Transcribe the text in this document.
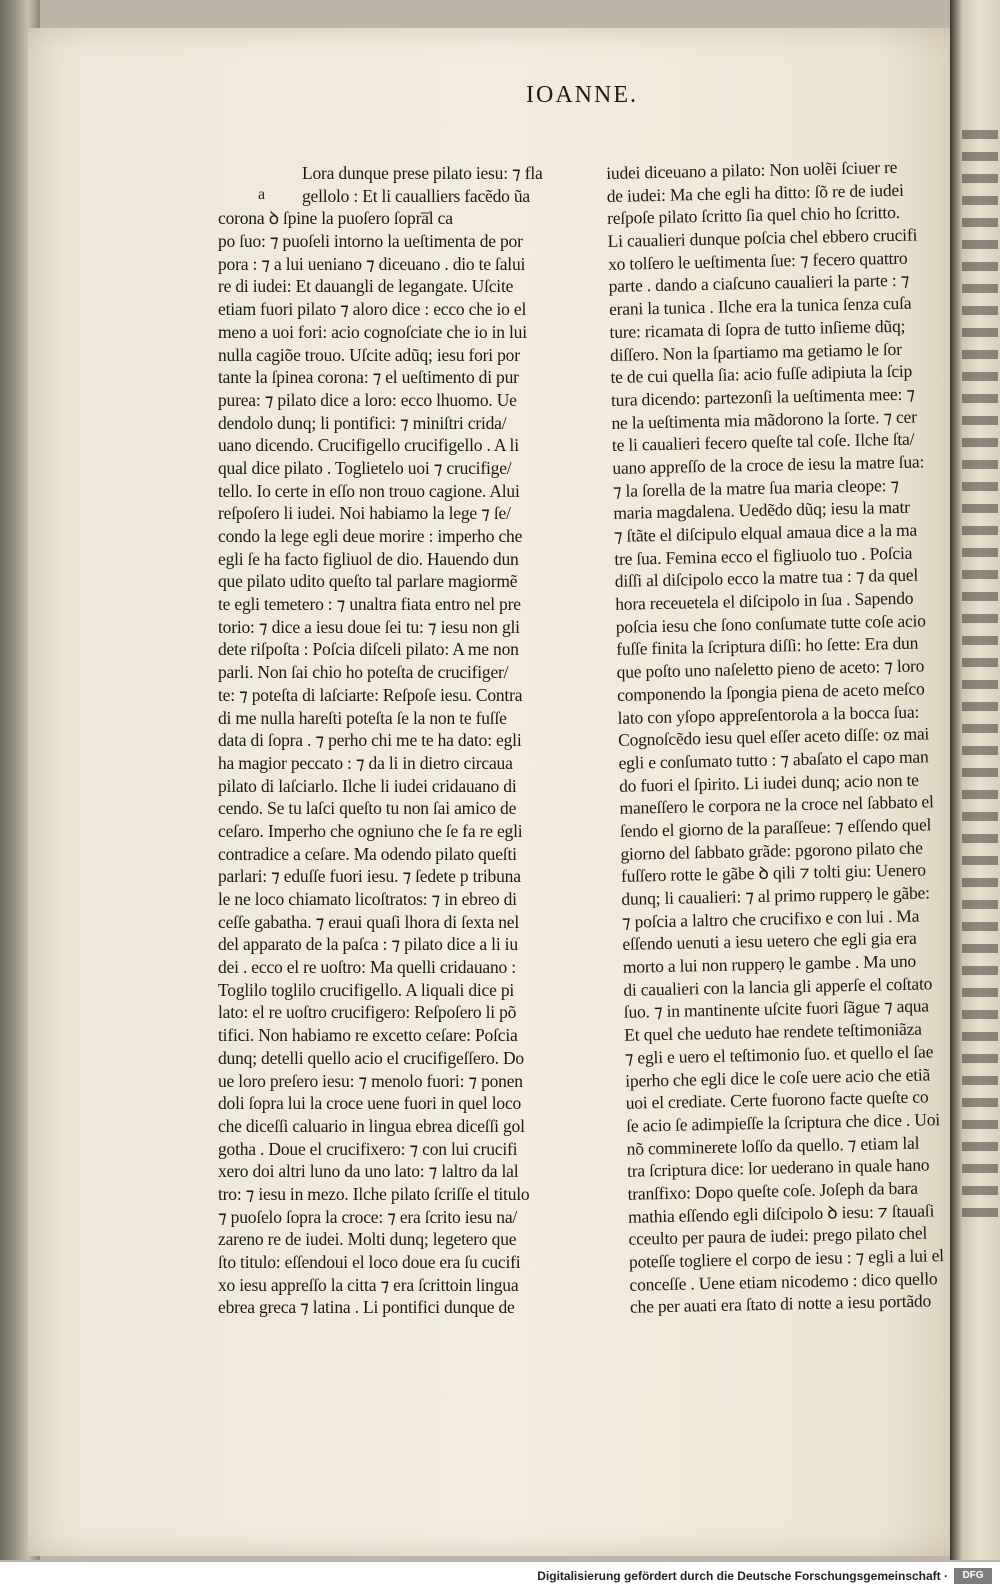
IOANNE.
a
Lora dunque prese pilato iesu: ⁊ fla
gellolo : Et li caualliers facẽdo ũa
corona ꝺ ſpine la puoſero ſopra̅l ca
po ſuo: ⁊ puoſeli intorno la ueſtimenta de por
pora : ⁊ a lui ueniano ⁊ diceuano . dio te ſalui
re di iudei: Et dauangli de legangate. Uſcite
etiam fuori pilato ⁊ aloro dice : ecco che io el
meno a uoi fori: acio cognoſciate che io in lui
nulla cagiõe trouo. Uſcite adũq; iesu fori por
tante la ſpinea corona: ⁊ el ueſtimento di pur
purea: ⁊ pilato dice a loro: ecco lhuomo. Ue
dendolo dunq; li pontifici: ⁊ miniſtri crida/
uano dicendo. Crucifigello crucifigello . A li
qual dice pilato . Toglietelo uoi ⁊ crucifige/
tello. Io certe in eſſo non trouo cagione. Alui
reſpoſero li iudei. Noi habiamo la lege ⁊ ſe/
condo la lege egli deue morire : imperho che
egli ſe ha facto figliuol de dio. Hauendo dun
que pilato udito queſto tal parlare magiormẽ
te egli temetero : ⁊ unaltra fiata entro nel pre
torio: ⁊ dice a iesu doue ſei tu: ⁊ iesu non gli
dete riſpoſta : Poſcia diſceli pilato: A me non
parli. Non ſai chio ho poteſta de crucifiger/
te: ⁊ poteſta di laſciarte: Reſpoſe iesu. Contra
di me nulla hareſti poteſta ſe la non te fuſſe
data di ſopra . ⁊ perho chi me te ha dato: egli
ha magior peccato : ⁊ da li in dietro circaua
pilato di laſciarlo. Ilche li iudei cridauano di
cendo. Se tu laſci queſto tu non ſai amico de
ceſaro. Imperho che ogniuno che ſe fa re egli
contradice a ceſare. Ma odendo pilato queſti
parlari: ⁊ eduſſe fuori iesu. ⁊ ſedete p tribuna
le ne loco chiamato licoſtratos: ⁊ in ebreo di
ceſſe gabatha. ⁊ eraui quaſi lhora di ſexta nel
del apparato de la paſca : ⁊ pilato dice a li iu
dei . ecco el re uoſtro: Ma quelli cridauano :
Toglilo toglilo crucifigello. A liquali dice pi
lato: el re uoſtro crucifigero: Reſpoſero li põ
tifici. Non habiamo re excetto ceſare: Poſcia
dunq; detelli quello acio el crucifigeſſero. Do
ue loro preſero iesu: ⁊ menolo fuori: ⁊ ponen
doli ſopra lui la croce uene fuori in quel loco
che diceſſi caluario in lingua ebrea diceſſi gol
gotha . Doue el crucifixero: ⁊ con lui crucifi
xero doi altri luno da uno lato: ⁊ laltro da lal
tro: ⁊ iesu in mezo. Ilche pilato ſcriſſe el titulo
⁊ puoſelo ſopra la croce: ⁊ era ſcrito iesu na/
zareno re de iudei. Molti dunq; legetero que
ſto titulo: eſſendoui el loco doue era ſu cucifi
xo iesu appreſſo la citta ⁊ era ſcrittoin lingua
ebrea greca ⁊ latina . Li pontifici dunque de
iudei diceuano a pilato: Non uolẽi ſciuer re
de iudei: Ma che egli ha ditto: ſõ re de iudei
reſpoſe pilato ſcritto ſia quel chio ho ſcritto.
Li caualieri dunque poſcia chel ebbero crucifi
xo tolſero le ueſtimenta ſue: ⁊ fecero quattro
parte . dando a ciaſcuno caualieri la parte : ⁊
erani la tunica . Ilche era la tunica ſenza cuſa
ture: ricamata di ſopra de tutto inſieme dũq;
diſſero. Non la ſpartiamo ma getiamo le ſor
te de cui quella ſia: acio fuſſe adipiuta la ſcip
tura dicendo: partezonſi la ueſtimenta mee: ⁊
ne la ueſtimenta mia mãdorono la ſorte. ⁊ cer
te li caualieri fecero queſte tal coſe. Ilche ſta/
uano appreſſo de la croce de iesu la matre ſua:
⁊ la ſorella de la matre ſua maria cleope: ⁊
maria magdalena. Uedẽdo dũq; iesu la matr
⁊ ſtãte el diſcipulo elqual amaua dice a la ma
tre ſua. Femina ecco el figliuolo tuo . Poſcia
diſſi al diſcipolo ecco la matre tua : ⁊ da quel
hora receuetela el diſcipolo in ſua . Sapendo
poſcia iesu che ſono conſumate tutte coſe acio
fuſſe finita la ſcriptura diſſi: ho ſette: Era dun
que poſto uno naſeletto pieno de aceto: ⁊ loro
componendo la ſpongia piena de aceto meſco
lato con yſopo appreſentorola a la bocca ſua:
Cognoſcẽdo iesu quel eſſer aceto diſſe: oz mai
egli e conſumato tutto : ⁊ abaſato el capo man
do fuori el ſpirito. Li iudei dunq; acio non te
maneſſero le corpora ne la croce nel ſabbato el
ſendo el giorno de la paraſſeue: ⁊ eſſendo quel
giorno del ſabbato grãde: pgorono pilato che
fuſſero rotte le gãbe ꝺ qili ⁊ tolti giu: Uenero
dunq; li caualieri: ⁊ al primo rupperọ le gãbe:
⁊ poſcia a laltro che crucifixo e con lui . Ma
eſſendo uenuti a iesu uetero che egli gia era
morto a lui non rupperọ le gambe . Ma uno
di caualieri con la lancia gli apperſe el coſtato
ſuo. ⁊ in mantinente uſcite fuori ſãgue ⁊ aqua
Et quel che ueduto hae rendete teſtimoniãza
⁊ egli e uero el teſtimonio ſuo. et quello el ſae
iperho che egli dice le coſe uere acio che etiã
uoi el crediate. Certe fuorono facte queſte co
ſe acio ſe adimpieſſe la ſcriptura che dice . Uoi
nõ comminerete loſſo da quello. ⁊ etiam lal
tra ſcriptura dice: lor uederano in quale hano
tranſfixo: Dopo queſte coſe. Joſeph da bara
mathia eſſendo egli diſcipolo ꝺ iesu: ⁊ ſtauaſi
cceulto per paura de iudei: prego pilato chel
poteſſe togliere el corpo de iesu : ⁊ egli a lui el
conceſſe . Uene etiam nicodemo : dico quello
che per auati era ſtato di notte a iesu portãdo
Digitalisierung gefördert durch die Deutsche Forschungsgemeinschaft ·	DFG
